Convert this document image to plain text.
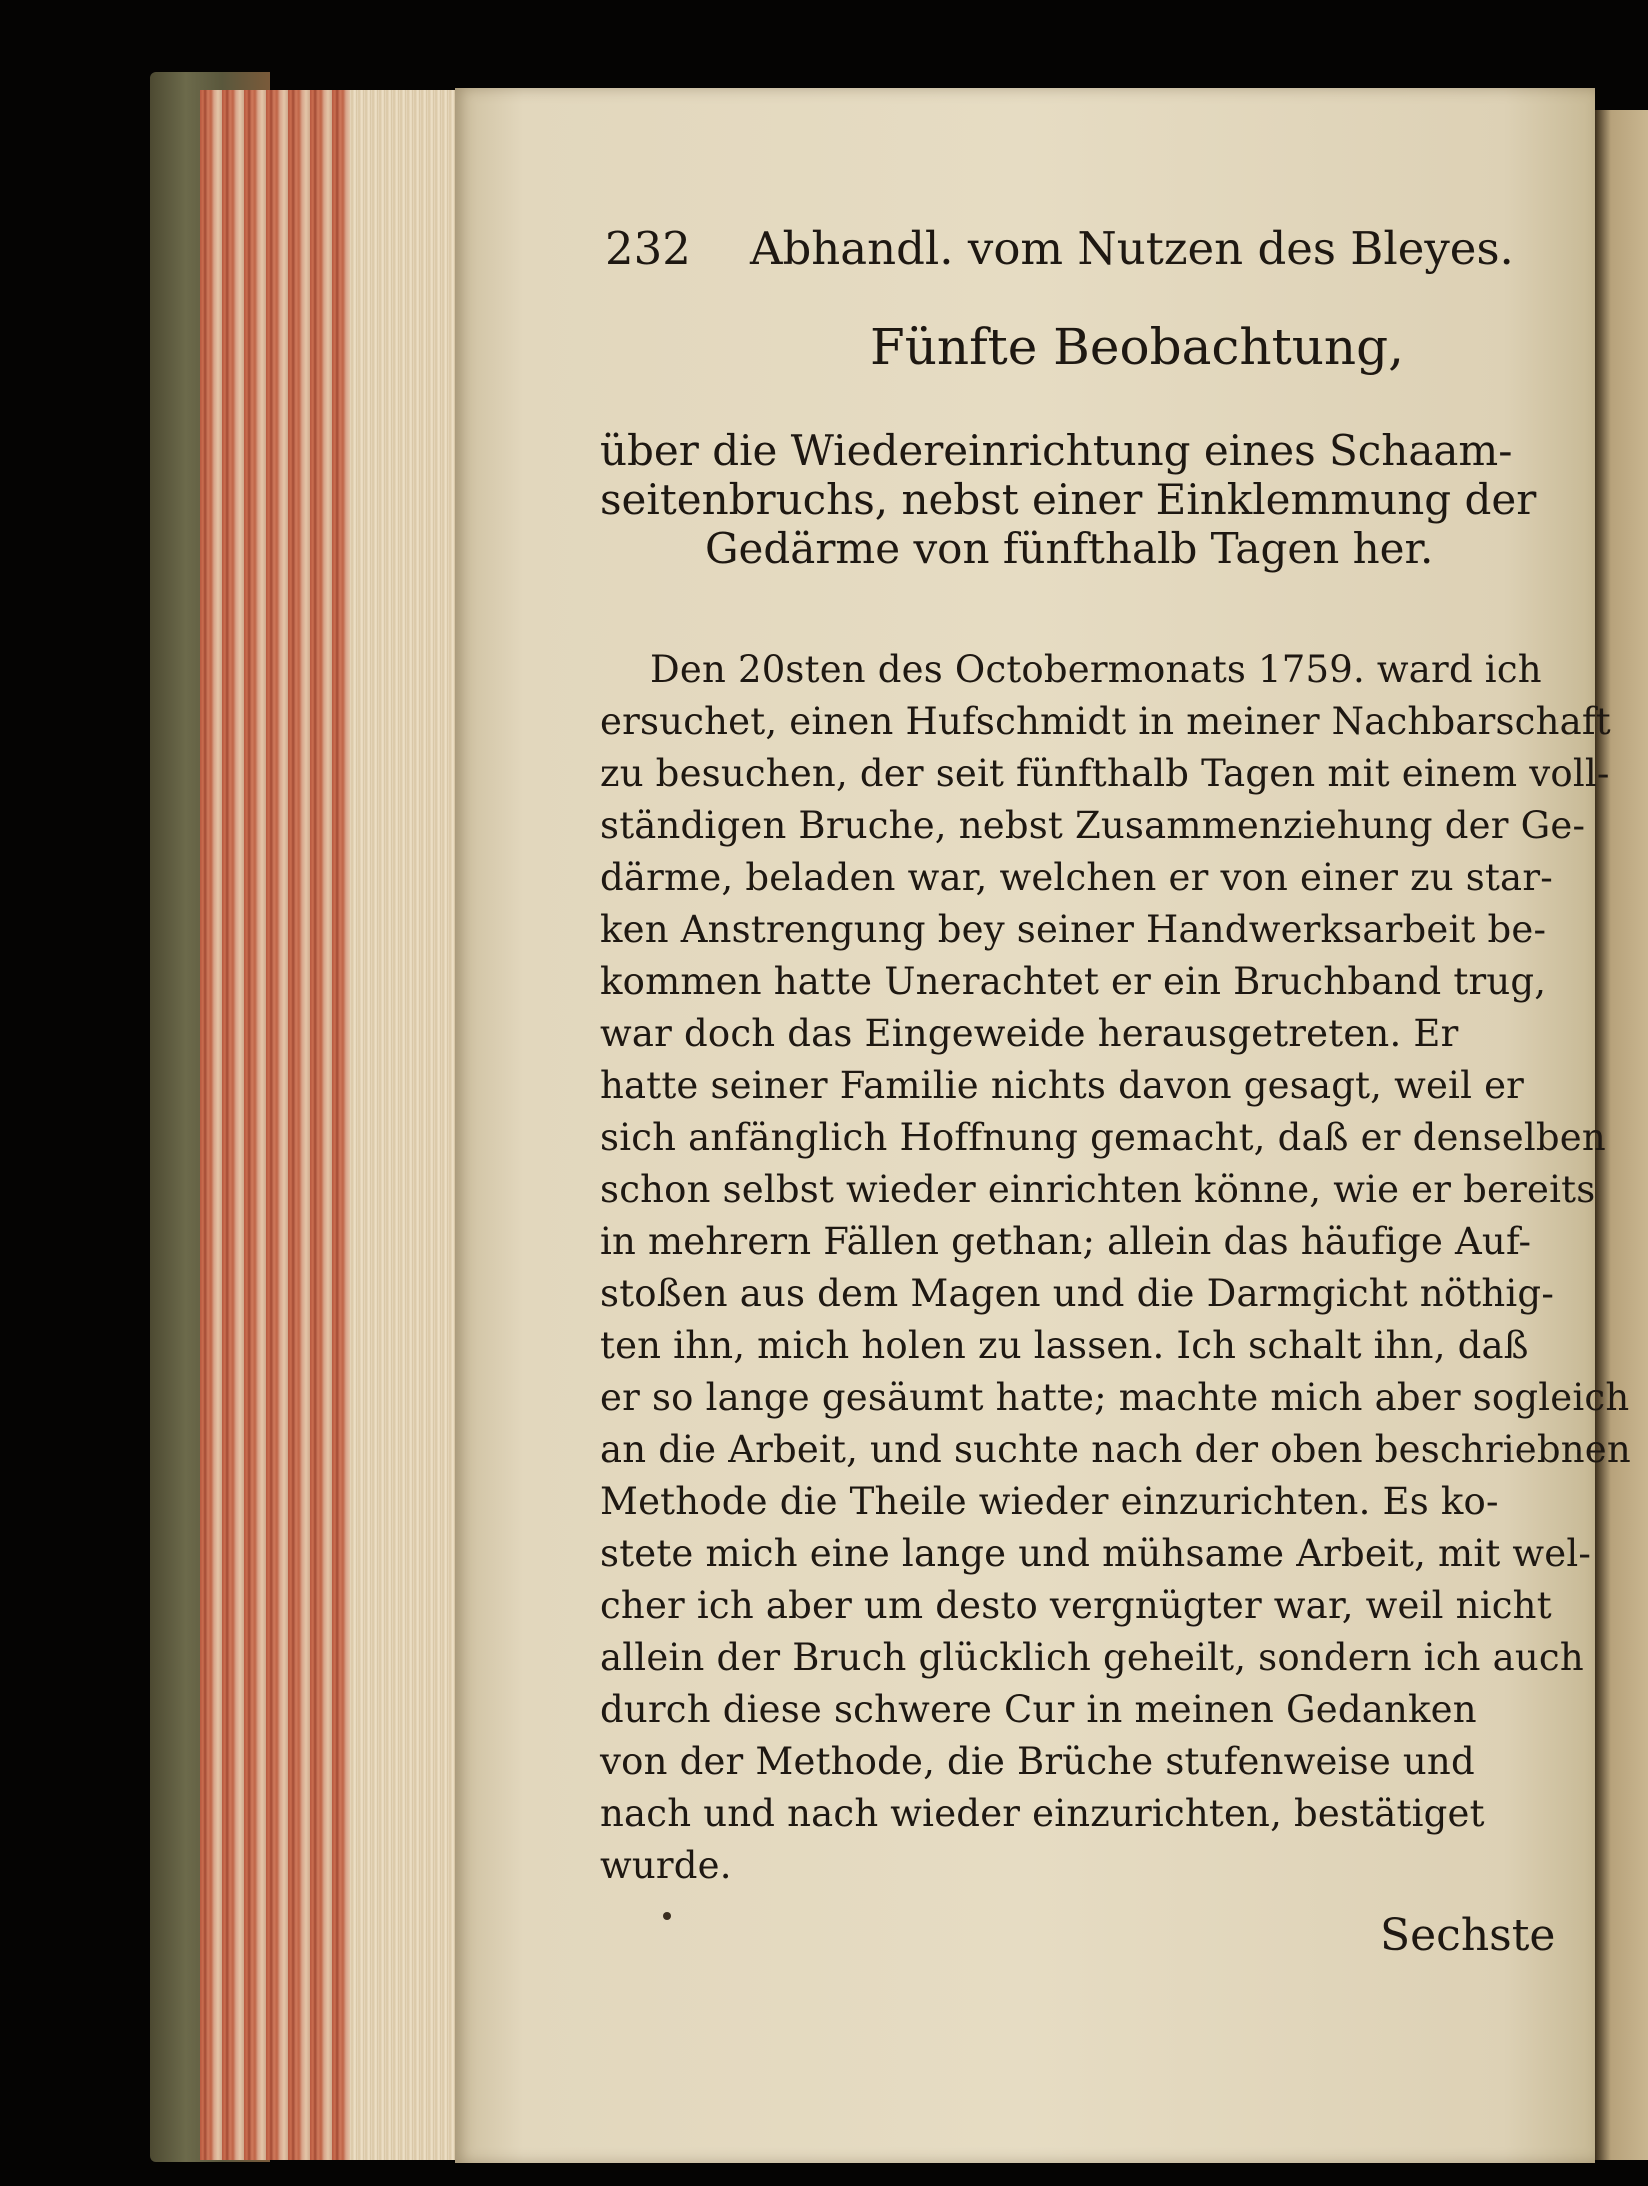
232 Abhandl. vom Nutzen des Bleyes.
Fünfte Beobachtung,
über die Wiedereinrichtung eines Schaam-
seitenbruchs, nebst einer Einklemmung der
Gedärme von fünfthalb Tagen her.
Den 20sten des Octobermonats 1759. ward ich
ersuchet, einen Hufschmidt in meiner Nachbarschaft
zu besuchen, der seit fünfthalb Tagen mit einem voll-
ständigen Bruche, nebst Zusammenziehung der Ge-
därme, beladen war, welchen er von einer zu star-
ken Anstrengung bey seiner Handwerksarbeit be-
kommen hatte Unerachtet er ein Bruchband trug,
war doch das Eingeweide herausgetreten. Er
hatte seiner Familie nichts davon gesagt, weil er
sich anfänglich Hoffnung gemacht, daß er denselben
schon selbst wieder einrichten könne, wie er bereits
in mehrern Fällen gethan; allein das häufige Auf-
stoßen aus dem Magen und die Darmgicht nöthig-
ten ihn, mich holen zu lassen. Ich schalt ihn, daß
er so lange gesäumt hatte; machte mich aber sogleich
an die Arbeit, und suchte nach der oben beschriebnen
Methode die Theile wieder einzurichten. Es ko-
stete mich eine lange und mühsame Arbeit, mit wel-
cher ich aber um desto vergnügter war, weil nicht
allein der Bruch glücklich geheilt, sondern ich auch
durch diese schwere Cur in meinen Gedanken
von der Methode, die Brüche stufenweise und
nach und nach wieder einzurichten, bestätiget
wurde.
Sechste
